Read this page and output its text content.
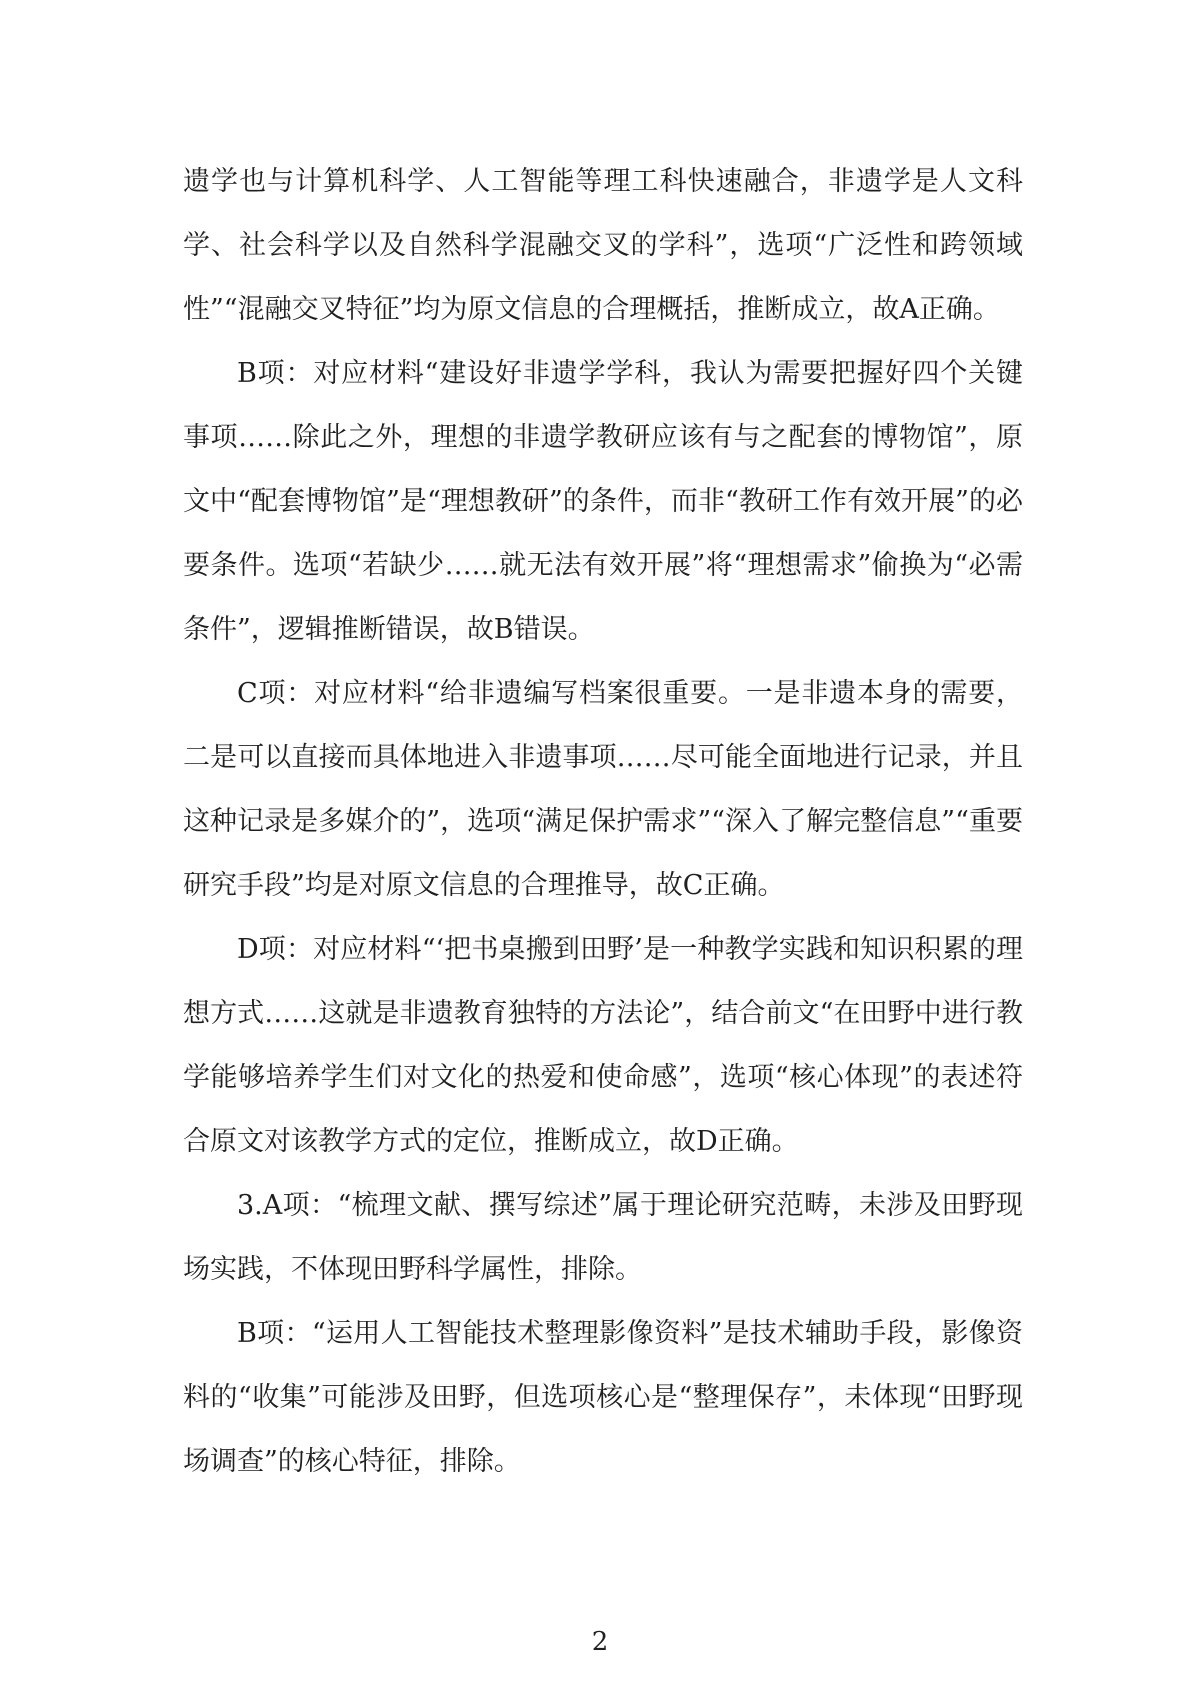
遗学也与计算机科学、人工智能等理工科快速融合，非遗学是人文科学、社会科学以及自然科学混融交叉的学科”，选项“广泛性和跨领域性”“混融交叉特征”均为原文信息的合理概括，推断成立，故A正确。

B项：对应材料“建设好非遗学学科，我认为需要把握好四个关键事项……除此之外，理想的非遗学教研应该有与之配套的博物馆”，原文中“配套博物馆”是“理想教研”的条件，而非“教研工作有效开展”的必要条件。选项“若缺少……就无法有效开展”将“理想需求”偷换为“必需条件”，逻辑推断错误，故B错误。

C项：对应材料“给非遗编写档案很重要。一是非遗本身的需要，二是可以直接而具体地进入非遗事项……尽可能全面地进行记录，并且这种记录是多媒介的”，选项“满足保护需求”“深入了解完整信息”“重要研究手段”均是对原文信息的合理推导，故C正确。

D项：对应材料“‘把书桌搬到田野’是一种教学实践和知识积累的理想方式……这就是非遗教育独特的方法论”，结合前文“在田野中进行教学能够培养学生们对文化的热爱和使命感”，选项“核心体现”的表述符合原文对该教学方式的定位，推断成立，故D正确。

3.A项：“梳理文献、撰写综述”属于理论研究范畴，未涉及田野现场实践，不体现田野科学属性，排除。

B项：“运用人工智能技术整理影像资料”是技术辅助手段，影像资料的“收集”可能涉及田野，但选项核心是“整理保存”，未体现“田野现场调查”的核心特征，排除。

2
